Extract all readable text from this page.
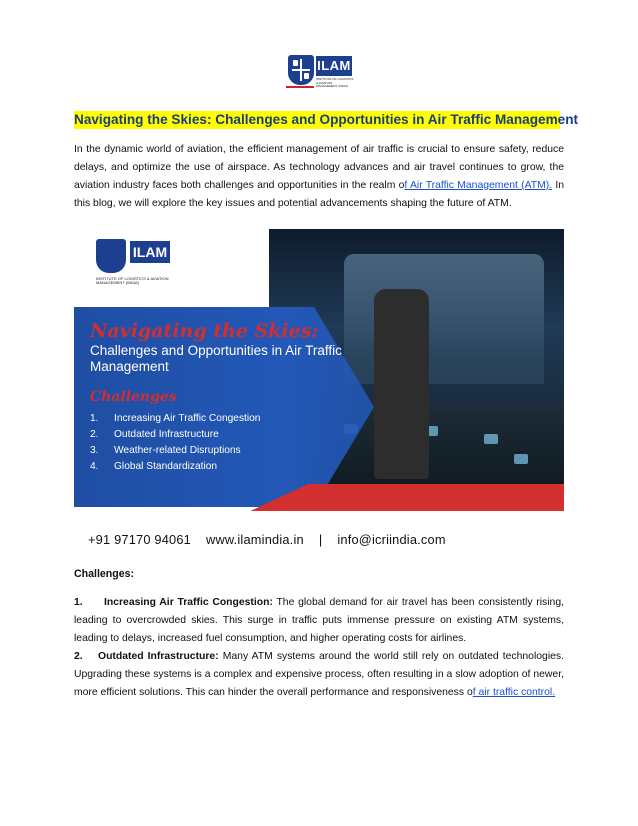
ILAM
INSTITUTE OF LOGISTICS & AVIATION MANAGEMENT (INDIA)
Navigating the Skies: Challenges and Opportunities in Air Traffic Management

In the dynamic world of aviation, the efficient management of air traffic is crucial to ensure safety, reduce delays, and optimize the use of airspace. As technology advances and air travel continues to grow, the aviation industry faces both challenges and opportunities in the realm of Air Traffic Management (ATM). In this blog, we will explore the key issues and potential advancements shaping the future of ATM.

ILAM
INSTITUTE OF LOGISTICS & AVIATION MANAGEMENT (INDIA)
Navigating the Skies:
Challenges and Opportunities in Air Traffic Management
Challenges
1. Increasing Air Traffic Congestion
2. Outdated Infrastructure
3. Weather-related Disruptions
4. Global Standardization
+91 97170 94061    www.ilamindia.in    |    info@icriindia.com
Challenges:

1. Increasing Air Traffic Congestion: The global demand for air travel has been consistently rising, leading to overcrowded skies. This surge in traffic puts immense pressure on existing ATM systems, leading to delays, increased fuel consumption, and higher operating costs for airlines.

2. Outdated Infrastructure: Many ATM systems around the world still rely on outdated technologies. Upgrading these systems is a complex and expensive process, often resulting in a slow adoption of newer, more efficient solutions. This can hinder the overall performance and responsiveness of air traffic control.
